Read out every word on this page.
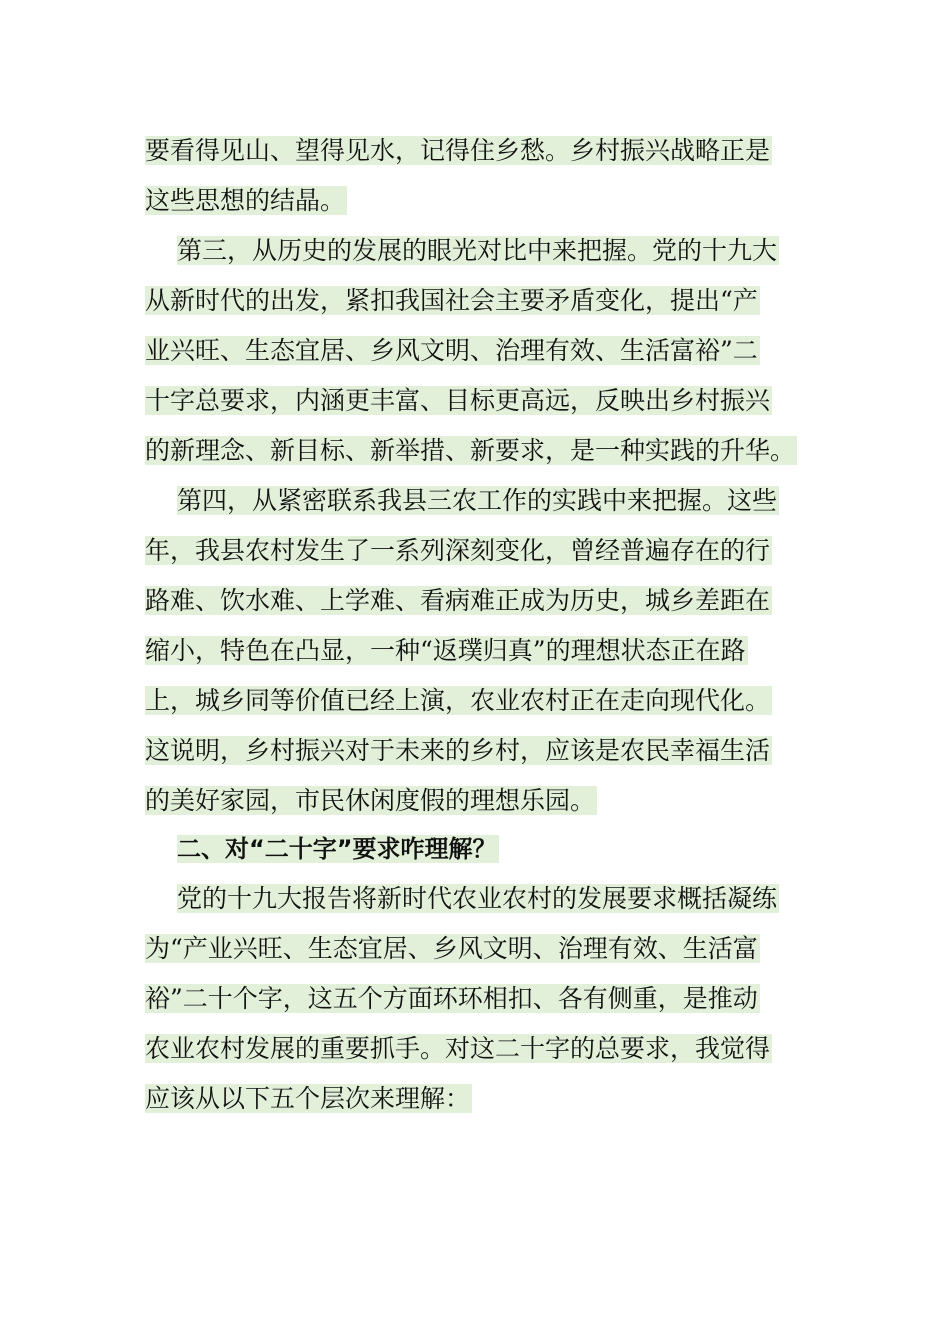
要看得见山、望得见水，记得住乡愁。乡村振兴战略正是
这些思想的结晶。
第三，从历史的发展的眼光对比中来把握。党的十九大
从新时代的出发，紧扣我国社会主要矛盾变化，提出“产
业兴旺、生态宜居、乡风文明、治理有效、生活富裕”二
十字总要求，内涵更丰富、目标更高远，反映出乡村振兴
的新理念、新目标、新举措、新要求，是一种实践的升华。
第四，从紧密联系我县三农工作的实践中来把握。这些
年，我县农村发生了一系列深刻变化，曾经普遍存在的行
路难、饮水难、上学难、看病难正成为历史，城乡差距在
缩小，特色在凸显，一种“返璞归真”的理想状态正在路
上，城乡同等价值已经上演，农业农村正在走向现代化。
这说明，乡村振兴对于未来的乡村，应该是农民幸福生活
的美好家园，市民休闲度假的理想乐园。
二、对“二十字”要求咋理解？
党的十九大报告将新时代农业农村的发展要求概括凝练
为“产业兴旺、生态宜居、乡风文明、治理有效、生活富
裕”二十个字，这五个方面环环相扣、各有侧重，是推动
农业农村发展的重要抓手。对这二十字的总要求，我觉得
应该从以下五个层次来理解：
